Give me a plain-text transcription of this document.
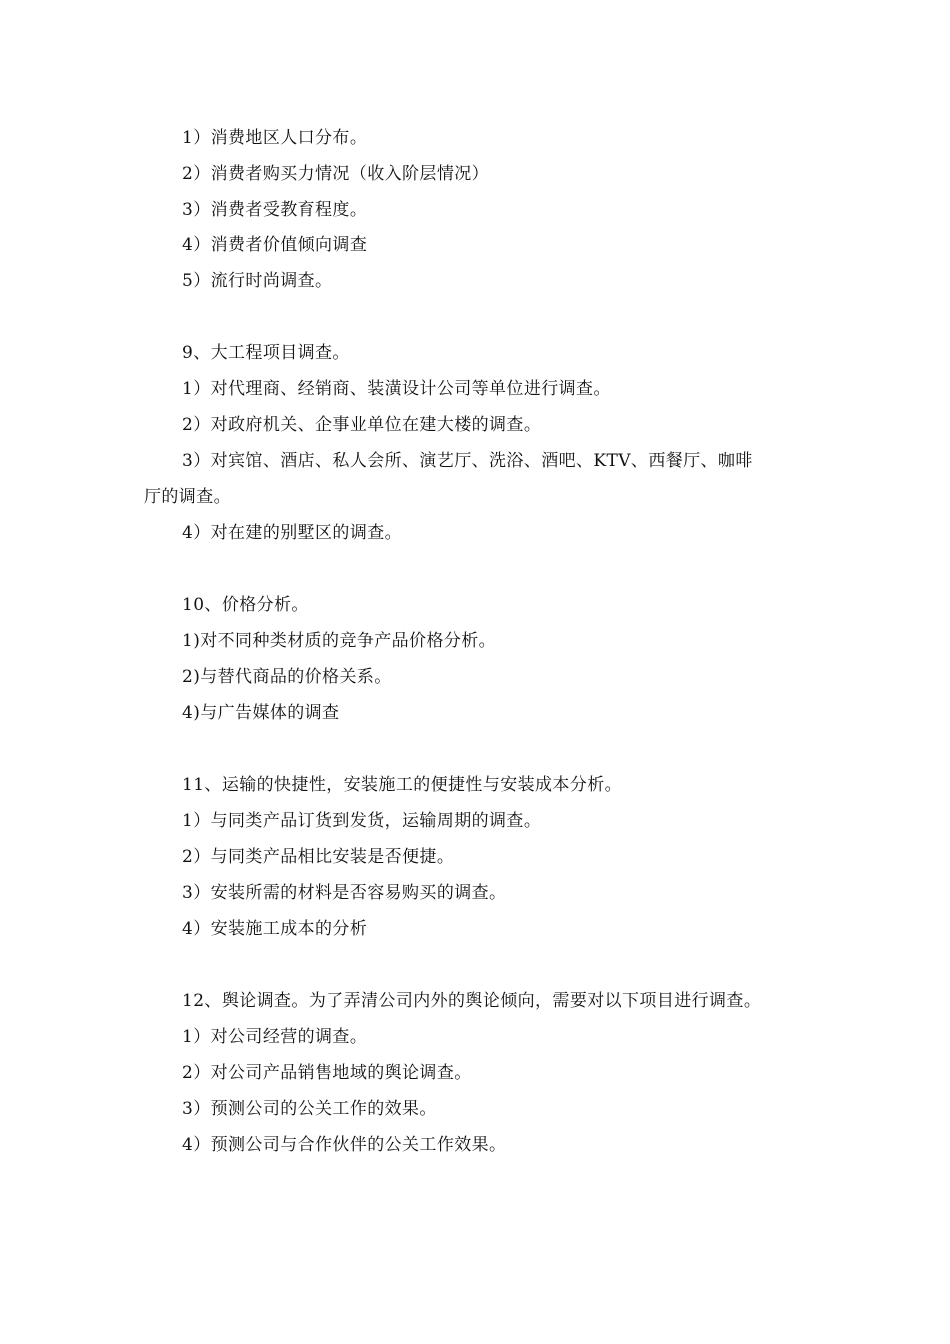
1）消费地区人口分布。
2）消费者购买力情况（收入阶层情况）
3）消费者受教育程度。
4）消费者价值倾向调查
5）流行时尚调查。
9、大工程项目调查。
1）对代理商、经销商、装潢设计公司等单位进行调查。
2）对政府机关、企事业单位在建大楼的调查。
3）对宾馆、酒店、私人会所、演艺厅、洗浴、酒吧、KTV、西餐厅、咖啡
厅的调查。
4）对在建的别墅区的调查。
10、价格分析。
1)对不同种类材质的竞争产品价格分析。
2)与替代商品的价格关系。
4)与广告媒体的调查
11、运输的快捷性，安装施工的便捷性与安装成本分析。
1）与同类产品订货到发货，运输周期的调查。
2）与同类产品相比安装是否便捷。
3）安装所需的材料是否容易购买的调查。
4）安装施工成本的分析
12、舆论调查。为了弄清公司内外的舆论倾向，需要对以下项目进行调查。
1）对公司经营的调查。
2）对公司产品销售地域的舆论调查。
3）预测公司的公关工作的效果。
4）预测公司与合作伙伴的公关工作效果。
